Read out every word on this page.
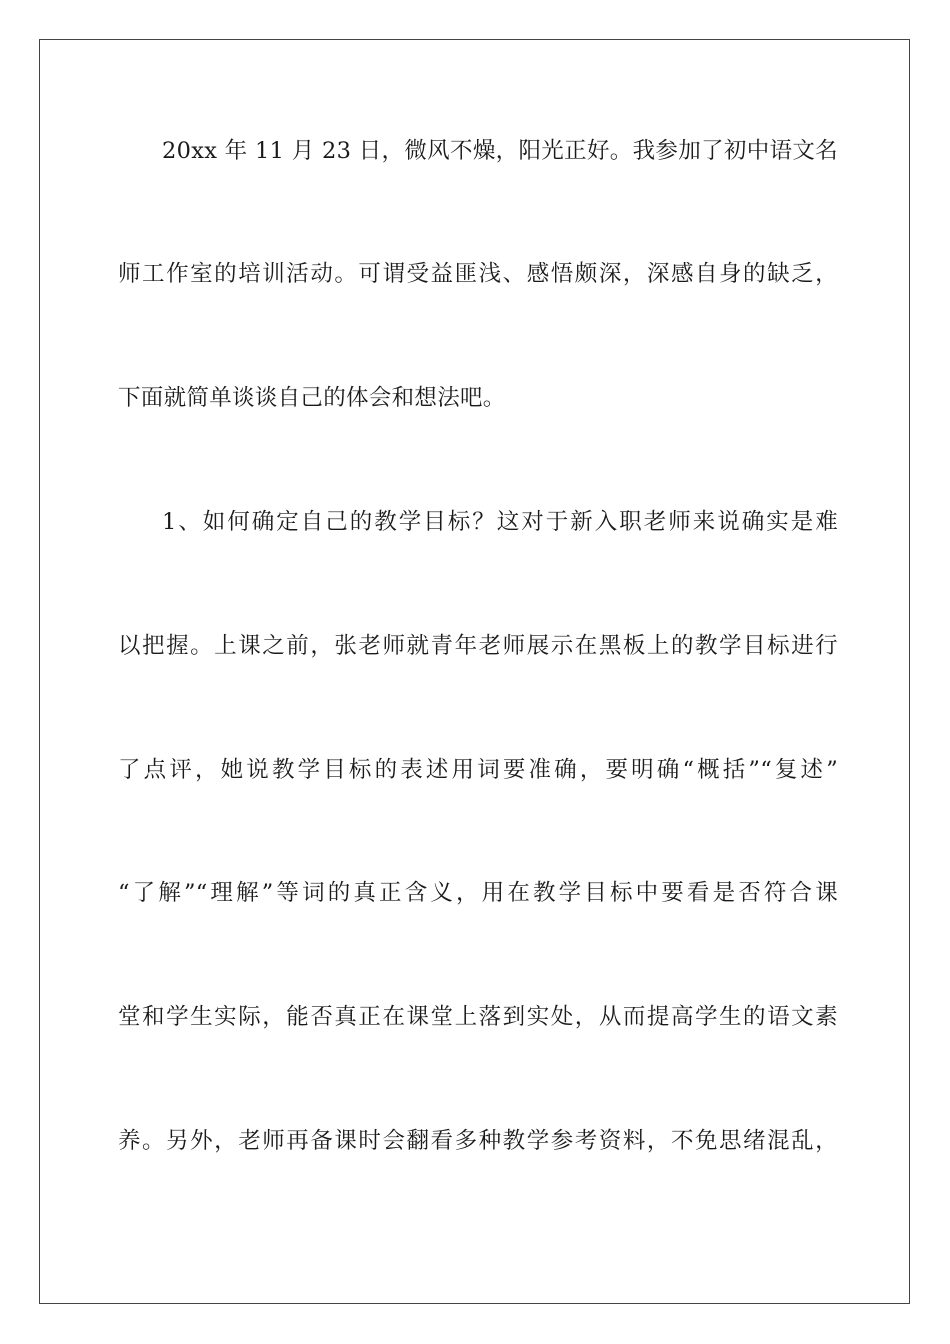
20xx 年 11 月 23 日，微风不燥，阳光正好。我参加了初中语文名
师工作室的培训活动。可谓受益匪浅、感悟颇深，深感自身的缺乏，
下面就简单谈谈自己的体会和想法吧。
1、如何确定自己的教学目标？这对于新入职老师来说确实是难
以把握。上课之前，张老师就青年老师展示在黑板上的教学目标进行
了点评，她说教学目标的表述用词要准确，要明确“概括”“复述”
“了解”“理解”等词的真正含义，用在教学目标中要看是否符合课
堂和学生实际，能否真正在课堂上落到实处，从而提高学生的语文素
养。另外，老师再备课时会翻看多种教学参考资料，不免思绪混乱，
